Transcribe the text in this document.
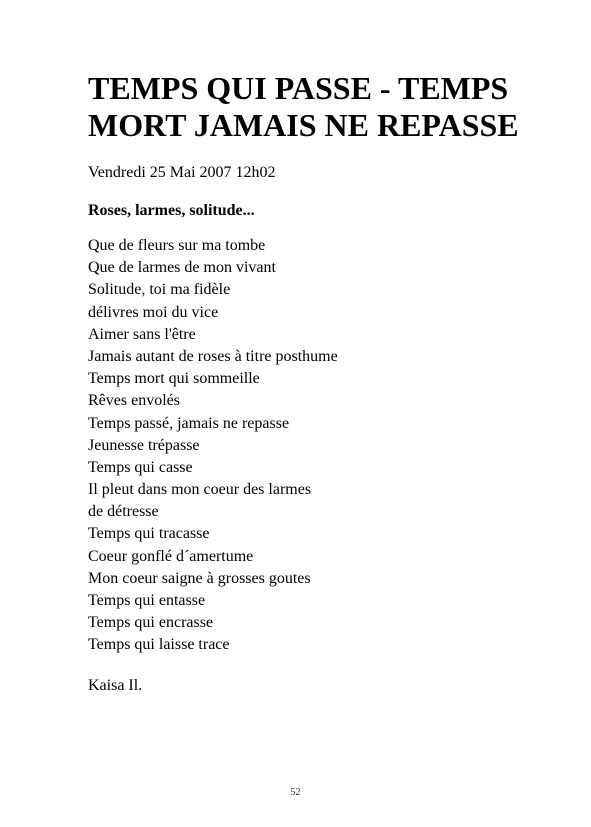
TEMPS QUI PASSE - TEMPS MORT JAMAIS NE REPASSE

Vendredi 25 Mai 2007 12h02

Roses, larmes, solitude...

Que de fleurs sur ma tombe
Que de larmes de mon vivant
Solitude, toi ma fidèle
délivres moi du vice
Aimer sans l'être
Jamais autant de roses à titre posthume
Temps mort qui sommeille
Rêves envolés
Temps passé, jamais ne repasse
Jeunesse trépasse
Temps qui casse
Il pleut dans mon coeur des larmes
de détresse
Temps qui tracasse
Coeur gonflé d´amertume
Mon coeur saigne à grosses goutes
Temps qui entasse
Temps qui encrasse
Temps qui laisse trace

Kaisa Il.

52
